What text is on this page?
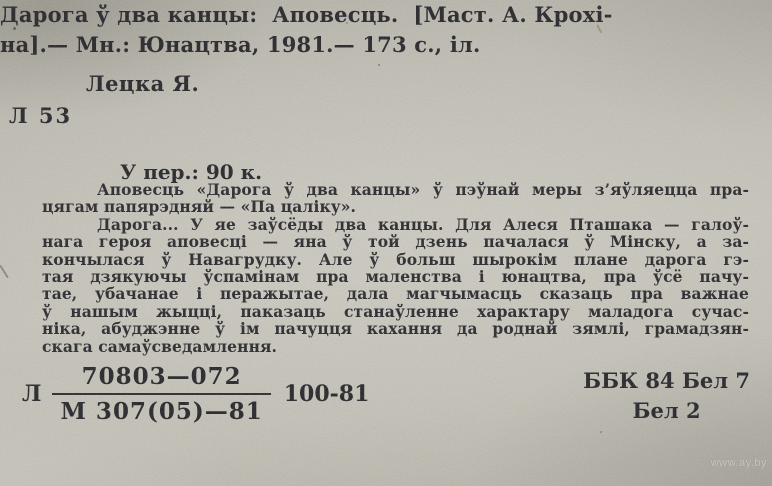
Лецка Я.
Л 53
Дарога ў два канцы:  Аповесць.  [Маст. А. Крохі-
на].— Мн.: Юнацтва, 1981.— 173 с., іл.
У пер.: 90 к.
Аповесць «Дарога ў два канцы» ў пэўнай меры з’яўляецца пра-
цягам папярэдняй — «Па цаліку».
Дарога... У яе заўсёды два канцы. Для Алеся Пташака — галоў-
нага героя аповесці — яна ў той дзень пачалася ў Мінску, а за-
кончылася ў Навагрудку. Але ў больш шырокім плане дарога гэ-
тая дзякуючы ўспамінам пра маленства і юнацтва, пра ўсё пачу-
тае, убачанае і перажытае, дала магчымасць сказаць пра важнае
ў нашым жыцці, паказаць станаўленне характару маладога сучас-
ніка, абуджэнне ў ім пачуцця кахання да роднай зямлі, грамадзян-
скага самаўсведамлення.
Л $\frac{70803—072}{М 307(05)—81} 100-81$
ББК 84 Бел 7
Бел 2
www.ay.by
